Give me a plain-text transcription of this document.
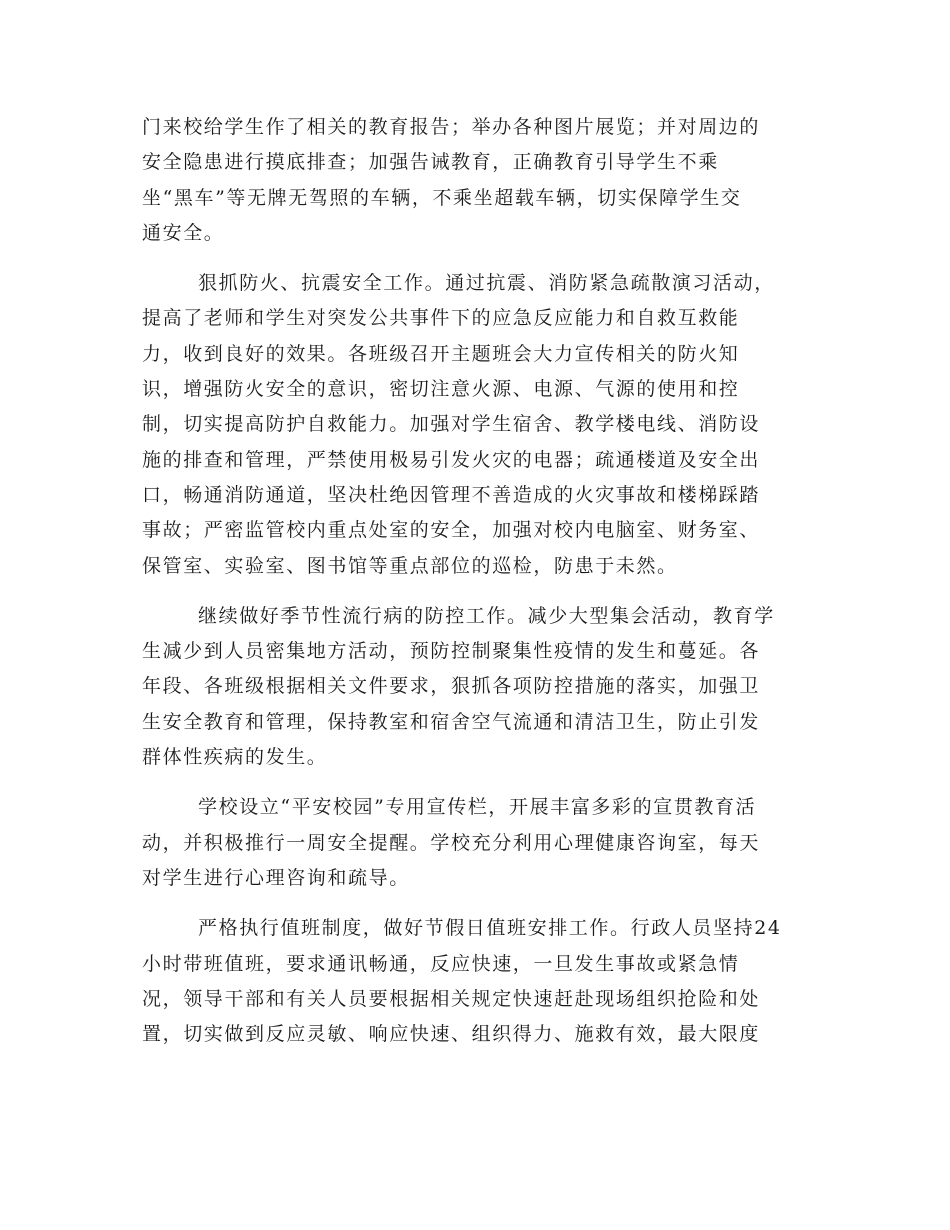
门来校给学生作了相关的教育报告；举办各种图片展览；并对周边的
安全隐患进行摸底排查；加强告诫教育，正确教育引导学生不乘
坐“黑车”等无牌无驾照的车辆，不乘坐超载车辆，切实保障学生交
通安全。
狠抓防火、抗震安全工作。通过抗震、消防紧急疏散演习活动，
提高了老师和学生对突发公共事件下的应急反应能力和自救互救能
力，收到良好的效果。各班级召开主题班会大力宣传相关的防火知
识，增强防火安全的意识，密切注意火源、电源、气源的使用和控
制，切实提高防护自救能力。加强对学生宿舍、教学楼电线、消防设
施的排查和管理，严禁使用极易引发火灾的电器；疏通楼道及安全出
口，畅通消防通道，坚决杜绝因管理不善造成的火灾事故和楼梯踩踏
事故；严密监管校内重点处室的安全，加强对校内电脑室、财务室、
保管室、实验室、图书馆等重点部位的巡检，防患于未然。
继续做好季节性流行病的防控工作。减少大型集会活动，教育学
生减少到人员密集地方活动，预防控制聚集性疫情的发生和蔓延。各
年段、各班级根据相关文件要求，狠抓各项防控措施的落实，加强卫
生安全教育和管理，保持教室和宿舍空气流通和清洁卫生，防止引发
群体性疾病的发生。
学校设立“平安校园”专用宣传栏，开展丰富多彩的宣贯教育活
动，并积极推行一周安全提醒。学校充分利用心理健康咨询室，每天
对学生进行心理咨询和疏导。
严格执行值班制度，做好节假日值班安排工作。行政人员坚持24
小时带班值班，要求通讯畅通，反应快速，一旦发生事故或紧急情
况，领导干部和有关人员要根据相关规定快速赶赴现场组织抢险和处
置，切实做到反应灵敏、响应快速、组织得力、施救有效，最大限度
